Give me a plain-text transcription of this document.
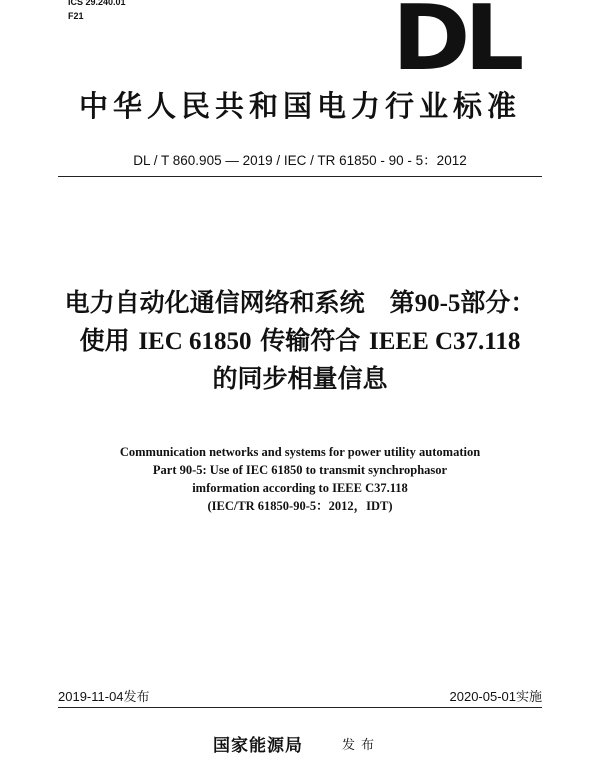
ICS 29.240.01
F21	DL
中华人民共和国电力行业标准
DL / T 860.905 — 2019 / IEC / TR 61850 - 90 - 5：2012
电力自动化通信网络和系统　第90-5部分：
使用 IEC 61850 传输符合 IEEE C37.118
的同步相量信息
Communication networks and systems for power utility automation
Part 90-5: Use of IEC 61850 to transmit synchrophasor
imformation according to IEEE C37.118
(IEC/TR 61850-90-5：2012，IDT)
2019-11-04发布	2020-05-01实施
国家能源局	发布
